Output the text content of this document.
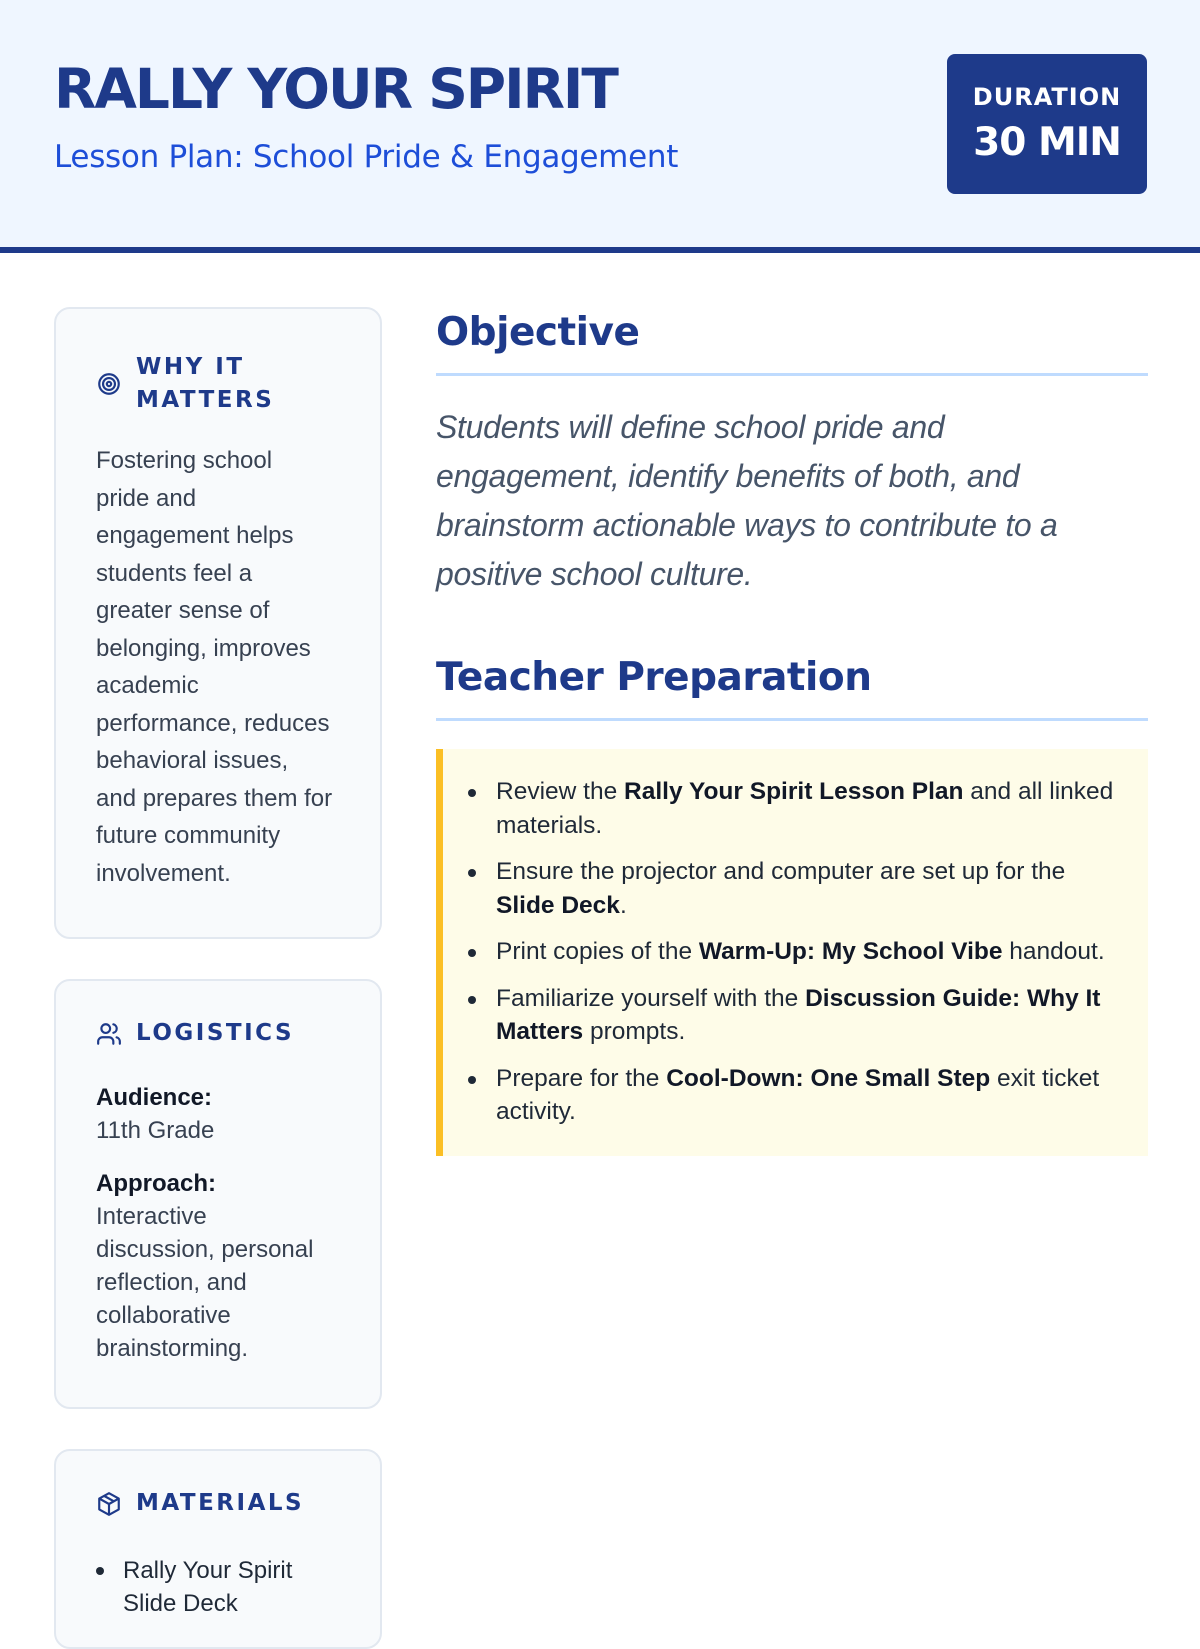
RALLY YOUR SPIRIT
Lesson Plan: School Pride & Engagement
DURATION
30 MIN
WHY IT
MATTERS
Fostering school
pride and
engagement helps
students feel a
greater sense of
belonging, improves
academic
performance, reduces
behavioral issues,
and prepares them for
future community
involvement.
LOGISTICS
Audience:
11th Grade
Approach:
Interactive
discussion, personal
reflection, and
collaborative
brainstorming.
MATERIALS
Rally Your Spirit
Slide Deck
Objective
Students will define school pride and
engagement, identify benefits of both, and
brainstorm actionable ways to contribute to a
positive school culture.
Teacher Preparation
Review the Rally Your Spirit Lesson Plan and all linked materials.
Ensure the projector and computer are set up for the Slide Deck.
Print copies of the Warm-Up: My School Vibe handout.
Familiarize yourself with the Discussion Guide: Why It Matters prompts.
Prepare for the Cool-Down: One Small Step exit ticket activity.
